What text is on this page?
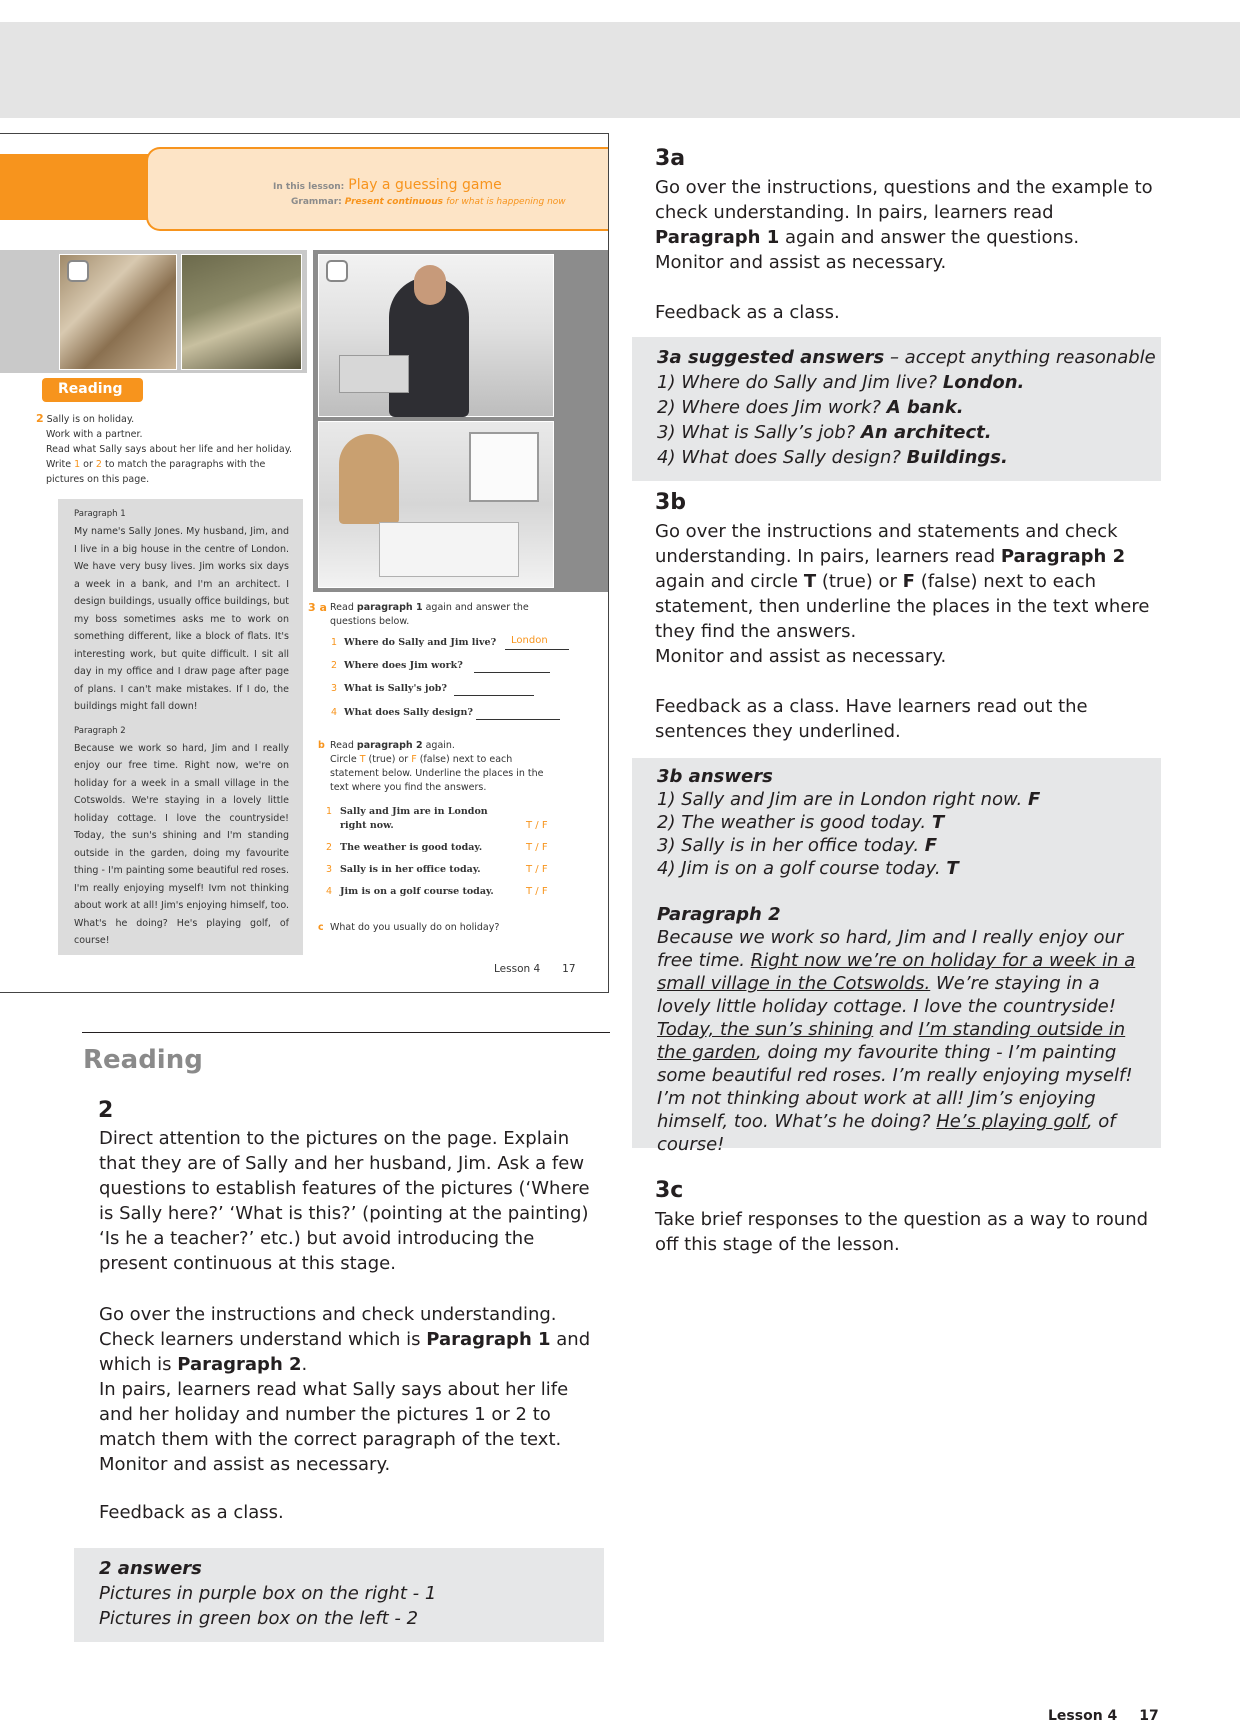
In this lesson: Play a guessing game
Grammar: Present continuous for what is happening now
Reading
2 Sally is on holiday.
Work with a partner.
Read what Sally says about her life and her holiday.
Write 1 or 2 to match the paragraphs with the
pictures on this page.
Paragraph 1
My name's Sally Jones. My husband, Jim, and I live in a big house in the centre of London. We have very busy lives. Jim works six days a week in a bank, and I'm an architect. I design buildings, usually office buildings, but my boss sometimes asks me to work on something different, like a block of flats. It's interesting work, but quite difficult. I sit all day in my office and I draw page after page of plans. I can't make mistakes. If I do, the buildings might fall down!
Paragraph 2
Because we work so hard, Jim and I really enjoy our free time. Right now, we're on holiday for a week in a small village in the Cotswolds. We're staying in a lovely little holiday cottage. I love the countryside! Today, the sun's shining and I'm standing outside in the garden, doing my favourite thing - I'm painting some beautiful red roses. I'm really enjoying myself! Ivm not thinking about work at all! Jim's enjoying himself, too. What's he doing? He's playing golf, of course!
3 a Read paragraph 1 again and answer the
questions below.
1 Where do Sally and Jim live? London
2 Where does Jim work?
3 What is Sally's job?
4 What does Sally design?
b Read paragraph 2 again.
Circle T (true) or F (false) next to each
statement below. Underline the places in the
text where you find the answers.
1 Sally and Jim are in London
right now.	T / F
2 The weather is good today.	T / F
3 Sally is in her office today.	T / F
4 Jim is on a golf course today.	T / F
c What do you usually do on holiday?
Lesson 4 17
Reading
2
Direct attention to the pictures on the page. Explain that they are of Sally and her husband, Jim. Ask a few questions to establish features of the pictures (‘Where is Sally here?’ ‘What is this?’ (pointing at the painting) ‘Is he a teacher?’ etc.) but avoid introducing the present continuous at this stage.
Go over the instructions and check understanding. Check learners understand which is Paragraph 1 and which is Paragraph 2.
In pairs, learners read what Sally says about her life and her holiday and number the pictures 1 or 2 to match them with the correct paragraph of the text.
Monitor and assist as necessary.
Feedback as a class.
2 answers
Pictures in purple box on the right - 1
Pictures in green box on the left - 2
3a
Go over the instructions, questions and the example to check understanding. In pairs, learners read Paragraph 1 again and answer the questions.
Monitor and assist as necessary.
Feedback as a class.
3a suggested answers – accept anything reasonable
1) Where do Sally and Jim live? London.
2) Where does Jim work? A bank.
3) What is Sally’s job? An architect.
4) What does Sally design? Buildings.
3b
Go over the instructions and statements and check understanding. In pairs, learners read Paragraph 2 again and circle T (true) or F (false) next to each statement, then underline the places in the text where they find the answers.
Monitor and assist as necessary.
Feedback as a class. Have learners read out the sentences they underlined.
3b answers
1) Sally and Jim are in London right now. F
2) The weather is good today. T
3) Sally is in her office today. F
4) Jim is on a golf course today. T
Paragraph 2
Because we work so hard, Jim and I really enjoy our free time. Right now we’re on holiday for a week in a small village in the Cotswolds. We’re staying in a lovely little holiday cottage. I love the countryside! Today, the sun’s shining and I’m standing outside in the garden, doing my favourite thing - I’m painting some beautiful red roses. I’m really enjoying myself! I’m not thinking about work at all! Jim’s enjoying himself, too. What’s he doing? He’s playing golf, of course!
3c
Take brief responses to the question as a way to round off this stage of the lesson.
Lesson 4 17
